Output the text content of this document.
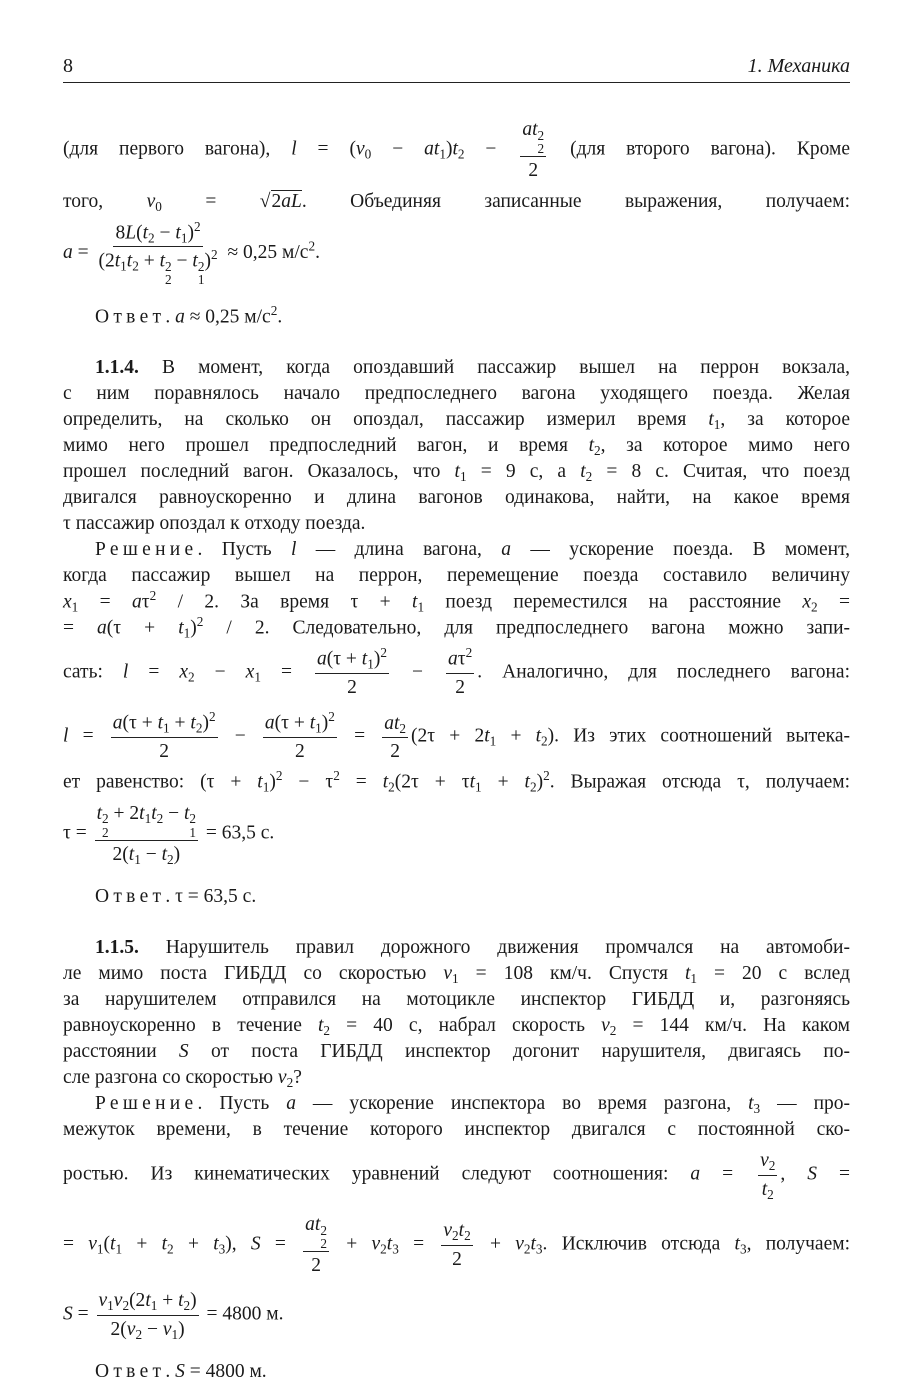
8	1. Механика
(для первого вагона), $l = (v_0 - at_1)t_2$ − at 2
2
2 (для второго вагона). Кроме
того, $v_0 = √2aL$. Объединяя записанные выражения, получаем:
$a = 8L(t_2 - t_1)^2$
($2t_1t_2 + t$ 2
2
− t 2
1
)$^2$ ≈ 0,25 $м/с^2$.
Ответ. a ≈ 0,25 $м/с^2$.
1.1.4. В момент, когда опоздавший пассажир вышел на перрон вокзала,
с ним поравнялось начало предпоследнего вагона уходящего поезда. Желая
определить, на сколько он опоздал, пассажир измерил время $t_1$, за которое
мимо него прошел предпоследний вагон, и время $t_2$, за которое мимо него
прошел последний вагон. Оказалось, что $t_1 = 9$ с, а $t_2 = 8$ с. Считая, что поезд
двигался равноускоренно и длина вагонов одинакова, найти, на какое время
τ пассажир опоздал к отходу поезда.
Решение. Пусть l — длина вагона, a — ускорение поезда. В момент,
когда пассажир вышел на перрон, перемещение поезда составило величину
$x_1 = a\tau^2 / 2$. За время $\tau + t_1$ поезд переместился на расстояние $x_2$ =
= $a(\tau + t_1)^2 / 2$. Следовательно, для предпоследнего вагона можно запи-
сать: $l = x_2 - x_1 = \frac{a(\tau + t_1)^2}{2} - \frac{a\tau^2}{2}$ . Аналогично, для последнего вагона:
$l = \frac{a(\tau + t_1 + t_2)^2}{2} - \frac{a(\tau + t_1)^2}{2} = \frac{at_2}{2} (2\tau + 2t_1 + t_2)$. Из этих соотношений вытека-
ет равенство: $(\tau + t_1)^2 - \tau^2 = t_2(2\tau + \tau t_1 + t_2)^2$. Выражая отсюда τ, получаем:
τ = t 2
2
+ $2t_1t_2 - t$ 2
1
$2(t_1 - t_2) = 63,5$ с.
Ответ. τ = 63,5 с.
1.1.5. Нарушитель правил дорожного движения промчался на автомоби-
ле мимо поста ГИБДД со скоростью $v_1 = 108$ км/ч. Спустя $t_1 = 20$ с вслед
за нарушителем отправился на мотоцикле инспектор ГИБДД и, разгоняясь
равноускоренно в течение $t_2 = 40$ с, набрал скорость $v_2 = 144$ км/ч. На каком
расстоянии S от поста ГИБДД инспектор догонит нарушителя, двигаясь по-
сле разгона со скоростью $v_2$?
Решение. Пусть a — ускорение инспектора во время разгона, $t_3$ — про-
межуток времени, в течение которого инспектор двигался с постоянной ско-
ростью. Из кинематических уравнений следуют соотношения: $a = \frac{v_2}{t_2}$ , S =
= $v_1(t_1 + t_2 + t_3)$, S = at 2
2
$2 + v_2t_3 = \frac{v_2t_2}{2} + v_2t_3$. Исключив отсюда $t_3$, получаем:
$S = \frac{v_1v_2(2t_1 + t_2)}{2(v_2 - v_1)} = 4800$ м.
Ответ. S = 4800 м.
